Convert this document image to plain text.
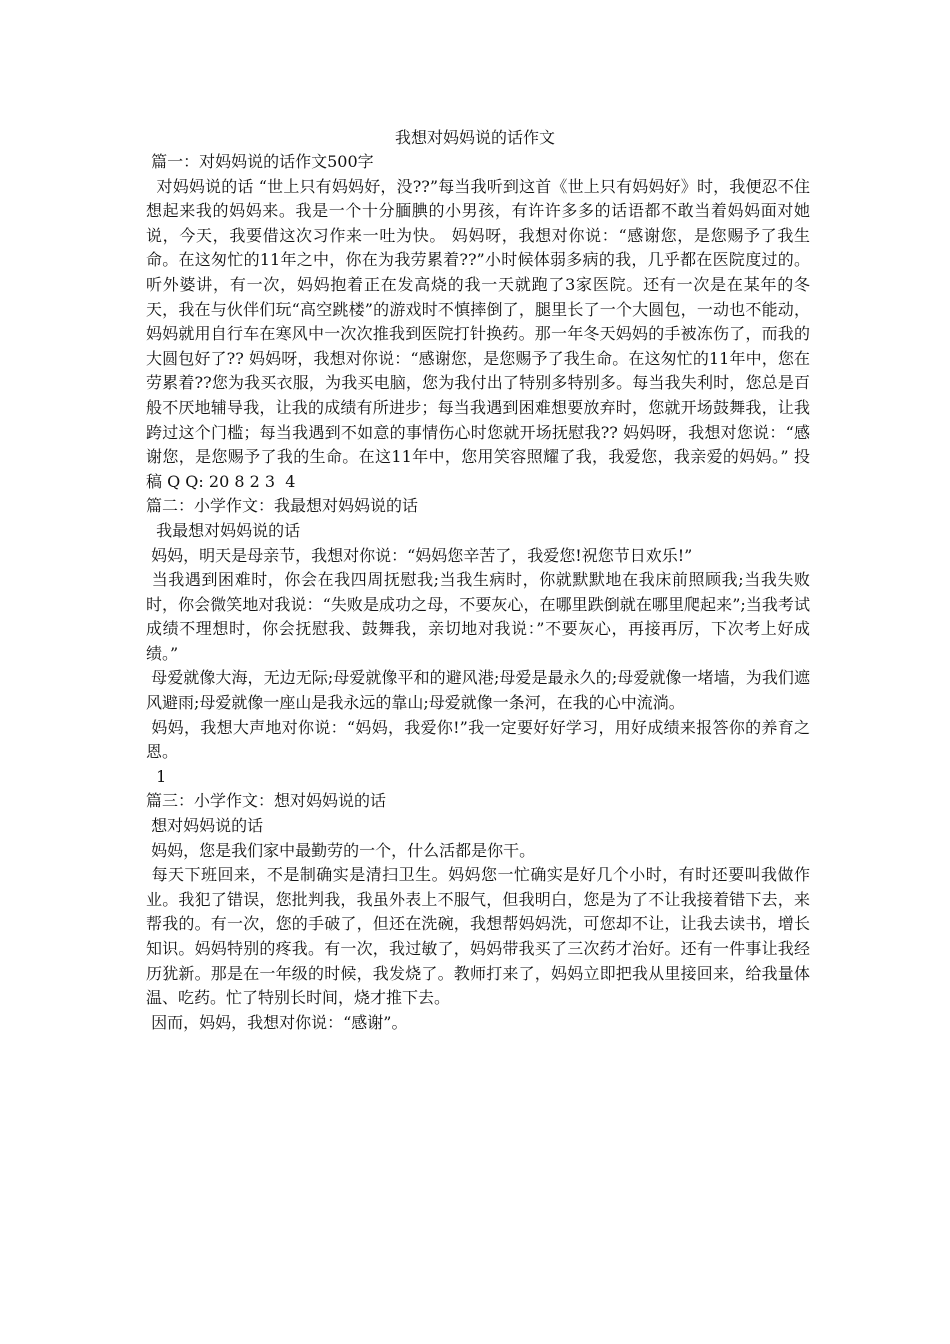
我想对妈妈说的话作文

篇一：对妈妈说的话作文500字

对妈妈说的话 “世上只有妈妈好，没??”每当我听到这首《世上只有妈妈好》时，我便忍不住想起来我的妈妈来。我是一个十分腼腆的小男孩，有许许多多的话语都不敢当着妈妈面对她说，今天，我要借这次习作来一吐为快。 妈妈呀，我想对你说：“感谢您，是您赐予了我生命。在这匆忙的11年之中，你在为我劳累着??”小时候体弱多病的我，几乎都在医院度过的。听外婆讲，有一次，妈妈抱着正在发高烧的我一天就跑了3家医院。还有一次是在某年的冬天，我在与伙伴们玩“高空跳楼”的游戏时不慎摔倒了，腿里长了一个大圆包，一动也不能动，妈妈就用自行车在寒风中一次次推我到医院打针换药。那一年冬天妈妈的手被冻伤了，而我的大圆包好了?? 妈妈呀，我想对你说：“感谢您，是您赐予了我生命。在这匆忙的11年中，您在劳累着??您为我买衣服，为我买电脑，您为我付出了特别多特别多。每当我失利时，您总是百般不厌地辅导我，让我的成绩有所进步；每当我遇到困难想要放弃时，您就开场鼓舞我，让我跨过这个门槛；每当我遇到不如意的事情伤心时您就开场抚慰我?? 妈妈呀，我想对您说：“感谢您，是您赐予了我的生命。在这11年中，您用笑容照耀了我，我爱您，我亲爱的妈妈。” 投 稿 Q Q: 20 8 2 3  4

篇二：小学作文：我最想对妈妈说的话

我最想对妈妈说的话

妈妈，明天是母亲节，我想对你说：“妈妈您辛苦了，我爱您!祝您节日欢乐!”

当我遇到困难时，你会在我四周抚慰我;当我生病时，你就默默地在我床前照顾我;当我失败时，你会微笑地对我说：“失败是成功之母，不要灰心，在哪里跌倒就在哪里爬起来”;当我考试成绩不理想时，你会抚慰我、鼓舞我，亲切地对我说：”不要灰心，再接再厉，下次考上好成绩。”

母爱就像大海，无边无际;母爱就像平和的避风港;母爱是最永久的;母爱就像一堵墙，为我们遮风避雨;母爱就像一座山是我永远的靠山;母爱就像一条河，在我的心中流淌。

妈妈，我想大声地对你说：“妈妈，我爱你!”我一定要好好学习，用好成绩来报答你的养育之恩。

1

篇三：小学作文：想对妈妈说的话

想对妈妈说的话

妈妈，您是我们家中最勤劳的一个，什么活都是你干。

每天下班回来，不是制确实是清扫卫生。妈妈您一忙确实是好几个小时，有时还要叫我做作业。我犯了错误，您批判我，我虽外表上不服气，但我明白，您是为了不让我接着错下去，来帮我的。有一次，您的手破了，但还在洗碗，我想帮妈妈洗，可您却不让，让我去读书，增长知识。妈妈特别的疼我。有一次，我过敏了，妈妈带我买了三次药才治好。还有一件事让我经历犹新。那是在一年级的时候，我发烧了。教师打来了，妈妈立即把我从里接回来，给我量体温、吃药。忙了特别长时间，烧才推下去。

因而，妈妈，我想对你说：“感谢”。
